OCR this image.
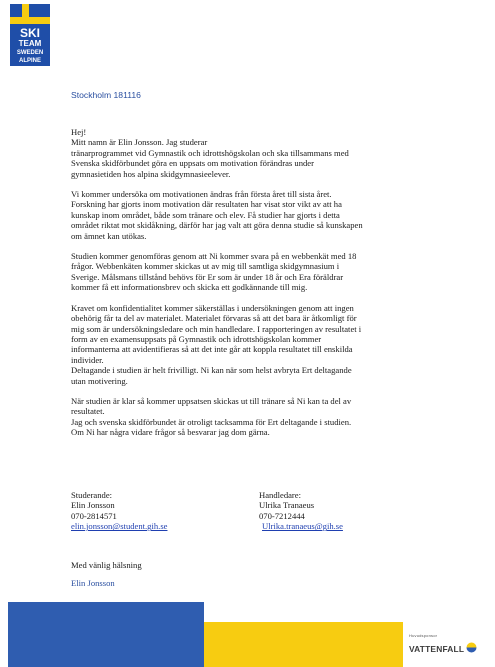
SKI
TEAM
SWEDEN
ALPINE
Stockholm 181116

Hej!

Mitt namn är Elin Jonsson. Jag studerar

tränarprogrammet vid Gymnastik och idrottshögskolan och ska tillsammans med

Svenska skidförbundet göra en uppsats om motivation förändras under

gymnasietiden hos alpina skidgymnasieelever.

Vi kommer undersöka om motivationen ändras från första året till sista året.

Forskning har gjorts inom motivation där resultaten har visat stor vikt av att ha

kunskap inom området, både som tränare och elev. Få studier har gjorts i detta

området riktat mot skidåkning, därför har jag valt att göra denna studie så kunskapen

om ämnet kan utökas.

Studien kommer genomföras genom att Ni kommer svara på en webbenkät med 18

frågor. Webbenkäten kommer skickas ut av mig till samtliga skidgymnasium i

Sverige. Målsmans tillstånd behövs för Er som är under 18 år och Era föräldrar

kommer få ett informationsbrev och skicka ett godkännande till mig.

Kravet om konfidentialitet kommer säkerställas i undersökningen genom att ingen

obehörig får ta del av materialet. Materialet förvaras så att det bara är åtkomligt för

mig som är undersökningsledare och min handledare. I rapporteringen av resultatet i

form av en examensuppsats på Gymnastik och idrottshögskolan kommer

informanterna att avidentifieras så att det inte går att koppla resultatet till enskilda

individer.

Deltagande i studien är helt frivilligt. Ni kan när som helst avbryta Ert deltagande

utan motivering.

När studien är klar så kommer uppsatsen skickas ut till tränare så Ni kan ta del av

resultatet.

Jag och svenska skidförbundet är otroligt tacksamma för Ert deltagande i studien.

Om Ni har några vidare frågor så besvarar jag dom gärna.

Studerande:
Elin Jonsson
070-2814571
elin.jonsson@student.gih.se
Handledare:
Ulrika Tranaeus
070-7212444
Ulrika.tranaeus@gih.se
Med vänlig hälsning
Elin Jonsson
Huvudsponsor
VATTENFALL
